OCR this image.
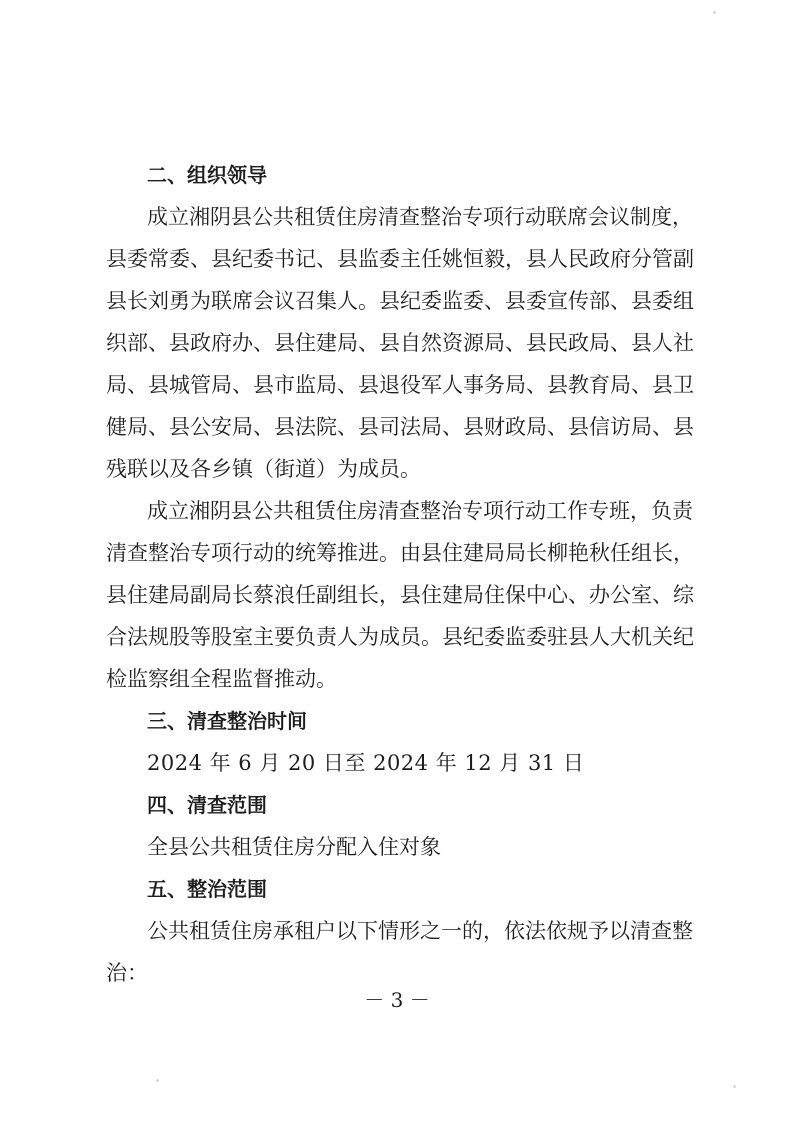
二、组织领导
成立湘阴县公共租赁住房清查整治专项行动联席会议制度，
县委常委、县纪委书记、县监委主任姚恒毅，县人民政府分管副
县长刘勇为联席会议召集人。县纪委监委、县委宣传部、县委组
织部、县政府办、县住建局、县自然资源局、县民政局、县人社
局、县城管局、县市监局、县退役军人事务局、县教育局、县卫
健局、县公安局、县法院、县司法局、县财政局、县信访局、县
残联以及各乡镇（街道）为成员。
成立湘阴县公共租赁住房清查整治专项行动工作专班，负责
清查整治专项行动的统筹推进。由县住建局局长柳艳秋任组长，
县住建局副局长蔡浪任副组长，县住建局住保中心、办公室、综
合法规股等股室主要负责人为成员。县纪委监委驻县人大机关纪
检监察组全程监督推动。
三、清查整治时间
2024 年 6 月 20 日至 2024 年 12 月 31 日
四、清查范围
全县公共租赁住房分配入住对象
五、整治范围
公共租赁住房承租户以下情形之一的，依法依规予以清查整
治：
－ 3 －
